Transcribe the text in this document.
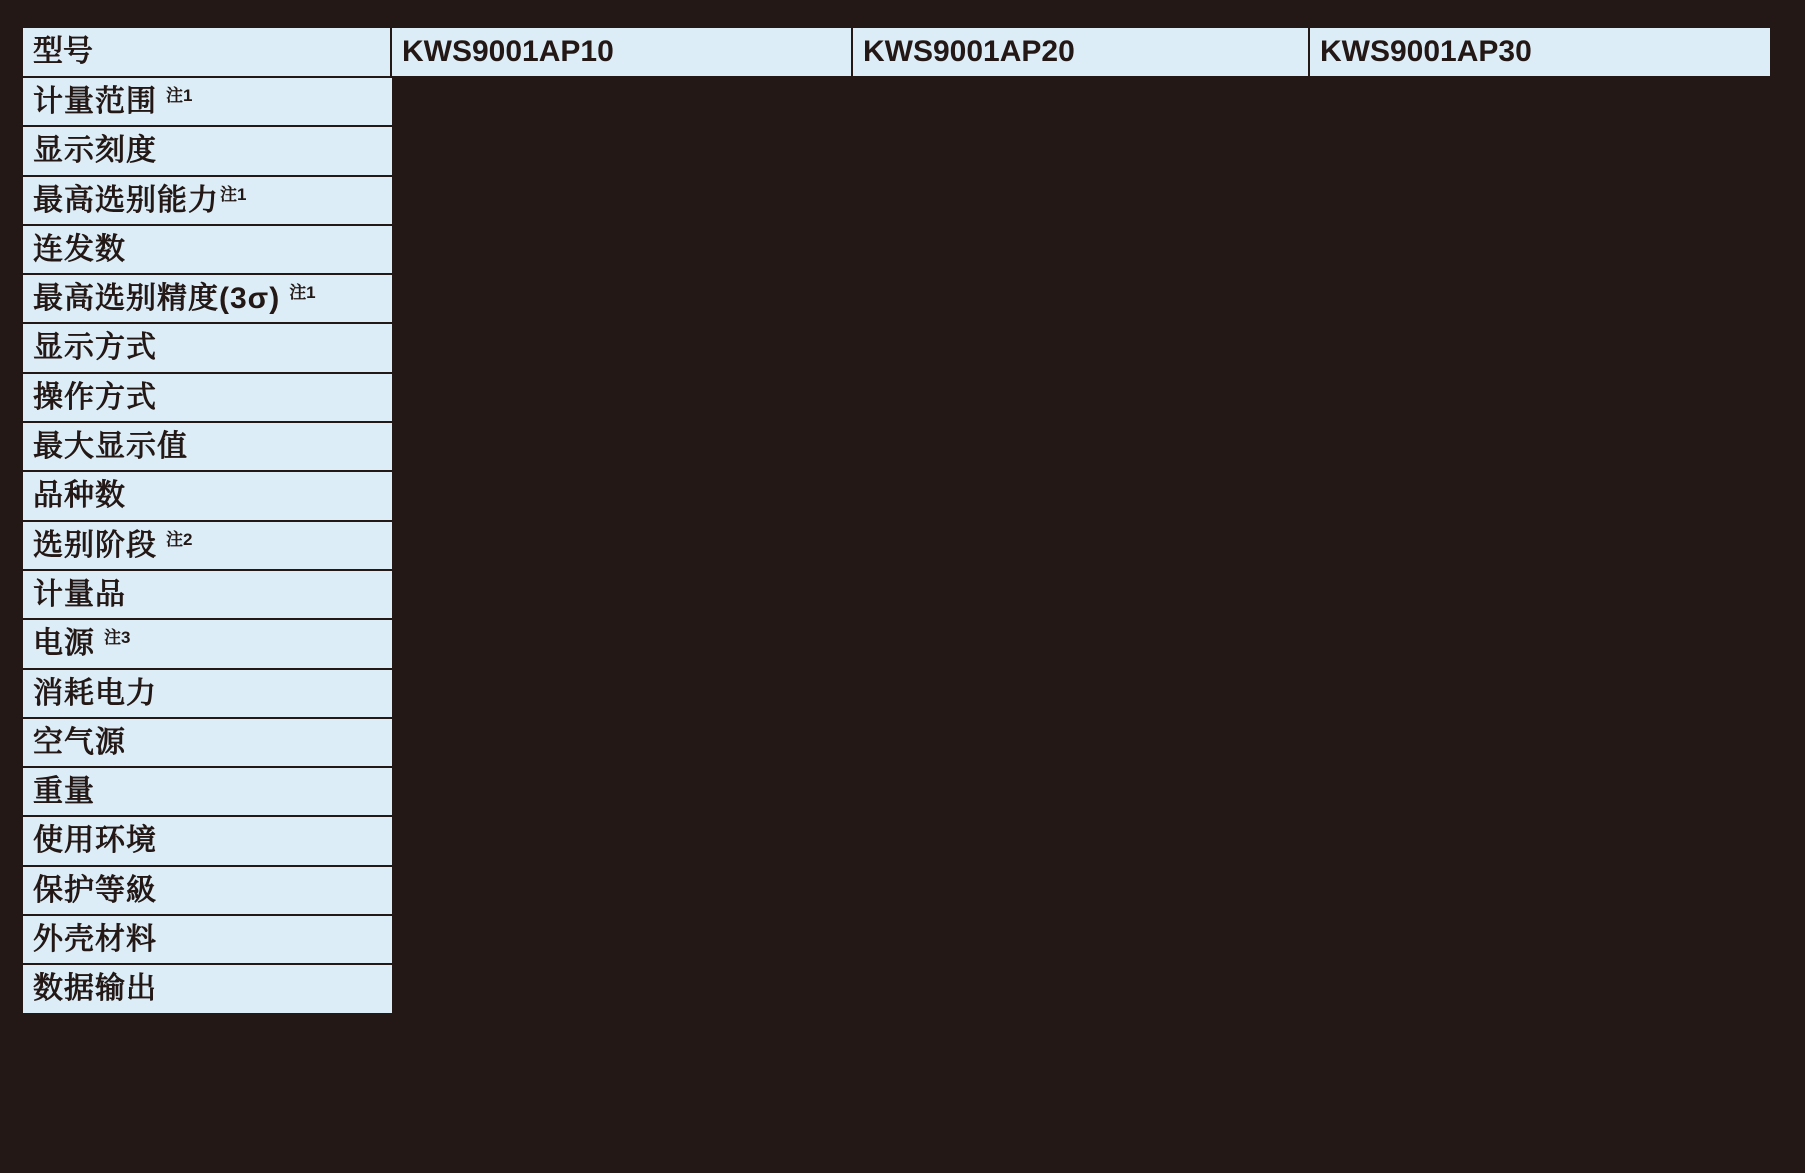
型号	KWS9001AP10	KWS9001AP20	KWS9001AP30
计量范围 $^{注1}$
显示刻度
最高选别能力$^{注1}$
连发数
最高选别精度(3σ) $^{注1}$
显示方式
操作方式
最大显示值
品种数
选别阶段 $^{注2}$
计量品
电源 $^{注3}$
消耗电力
空气源
重量
使用环境
保护等級
外壳材料
数据输出
